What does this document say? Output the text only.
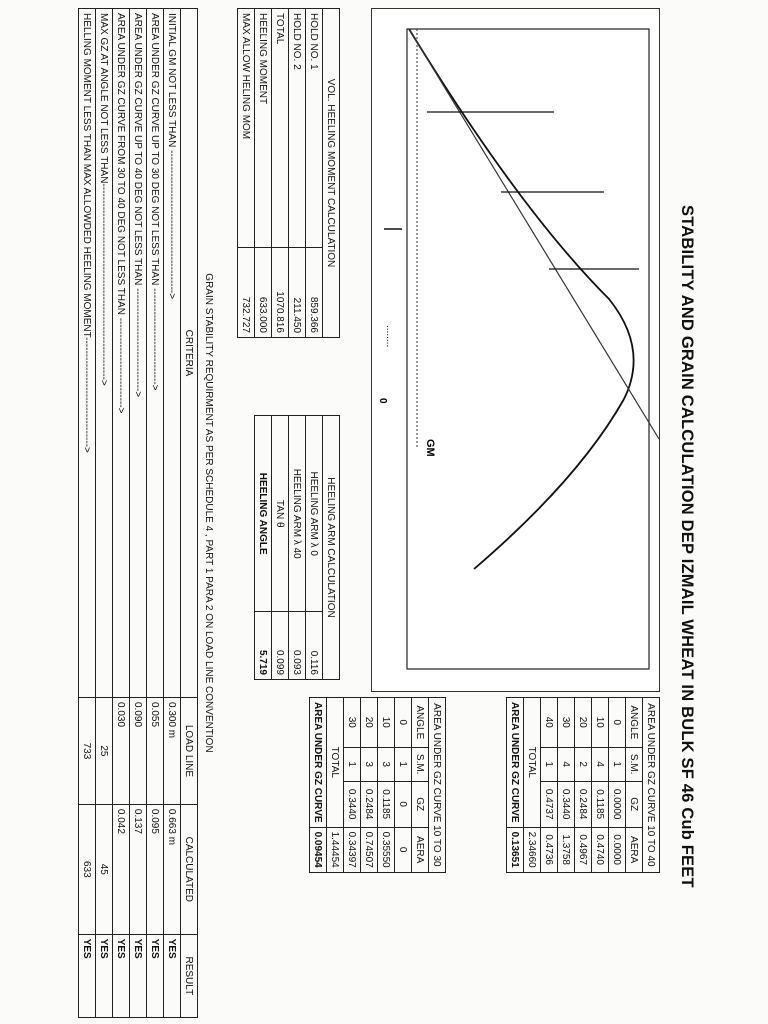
STABILITY AND GRAIN CALCULATION DEP IZMAIL WHEAT IN BULK SF 46 Cub FEET
GM
0
........
AREA UNDER GZ CURVE 10 TO 40			
ANGLE	S.M.	GZ	AERA
0	1	0.0000	0.0000
10	4	0.1185	0.4740
20	2	0.2484	0.4967
30	4	0.3440	1.3758
40	1	0.4737	0.4736
TOTAL			2.34660
AREA UNDER GZ CURVE			0.13651
AREA UNDER GZ CURVE 10 TO 30			
ANGLE	S.M.	GZ	AERA
0	1	0	0
10	3	0.1185	0.35550
20	3	0.2484	0.74507
30	1	0.3440	0.34397
TOTAL			1.44454
AREA UNDER GZ CURVE			0.09454
VOL. HEELING MOMENT CALCULATION	
HOLD NO. 1	859.366
HOLD NO. 2	211.450
TOTAL	1070.816
HEELING MOMENT	633.000
MAX ALLOW HELING MOM	732.727
HEELING ARM CALCULATION	
HEELING ARM λ 0	0.116
HEELING ARM λ 40	0.093
TAN θ	0.099
HEELING ANGLE	5.719
GRAIN STABILITY REQUIRMENT AS PER SCHEDULE 4 , PART 1 PARA 2 ON LOAD LINE CONVENTION
CRITERIA	LOAD LINE	CALCULATED	RESULT
INITIAL GM NOT LESS THAN ------------------------------------------->	0.300 m	0.663 m	YES
AREA UNDER GZ CURVE UP TO 30 DEG NOT LESS THAN ----------------------------->	0.055	0.095	YES
AREA UNDER GZ CURVE UP TO 40 DEG NOT LESS THAN ------------------------------->	0.090	0.137	YES
AREA UNDER GZ CURVE FROM 30 TO 40 DEG NOT LESS THAN --------------------------->	0.030	0.042	YES
MAX GZ AT ANGLE NOT LESS THAN----------------------------------------------------------->	25	45	YES
HELLING MOMENT LESS THAN MAX ALLOWDED HEELING MOMENT--------------------------------->	733	633	YES
